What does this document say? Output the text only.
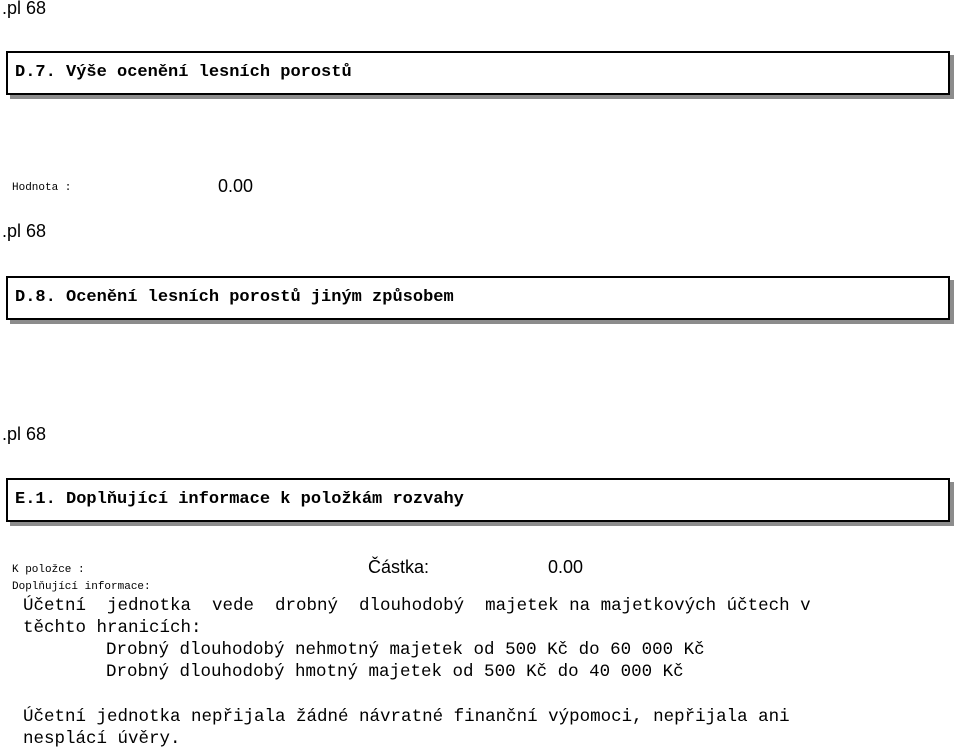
.pl 68
D.7. Výše ocenění lesních porostů
Hodnota :	0.00
.pl 68
D.8. Ocenění lesních porostů jiným způsobem
.pl 68
E.1. Doplňující informace k položkám rozvahy
K položce :	Částka:	0.00
Doplňující informace:
Účetní  jednotka  vede  drobný  dlouhodobý  majetek na majetkových účtech v
těchto hranicích:
Drobný dlouhodobý nehmotný majetek od 500 Kč do 60 000 Kč
Drobný dlouhodobý hmotný majetek od 500 Kč do 40 000 Kč
Účetní jednotka nepřijala žádné návratné finanční výpomoci, nepřijala ani
nesplácí úvěry.
